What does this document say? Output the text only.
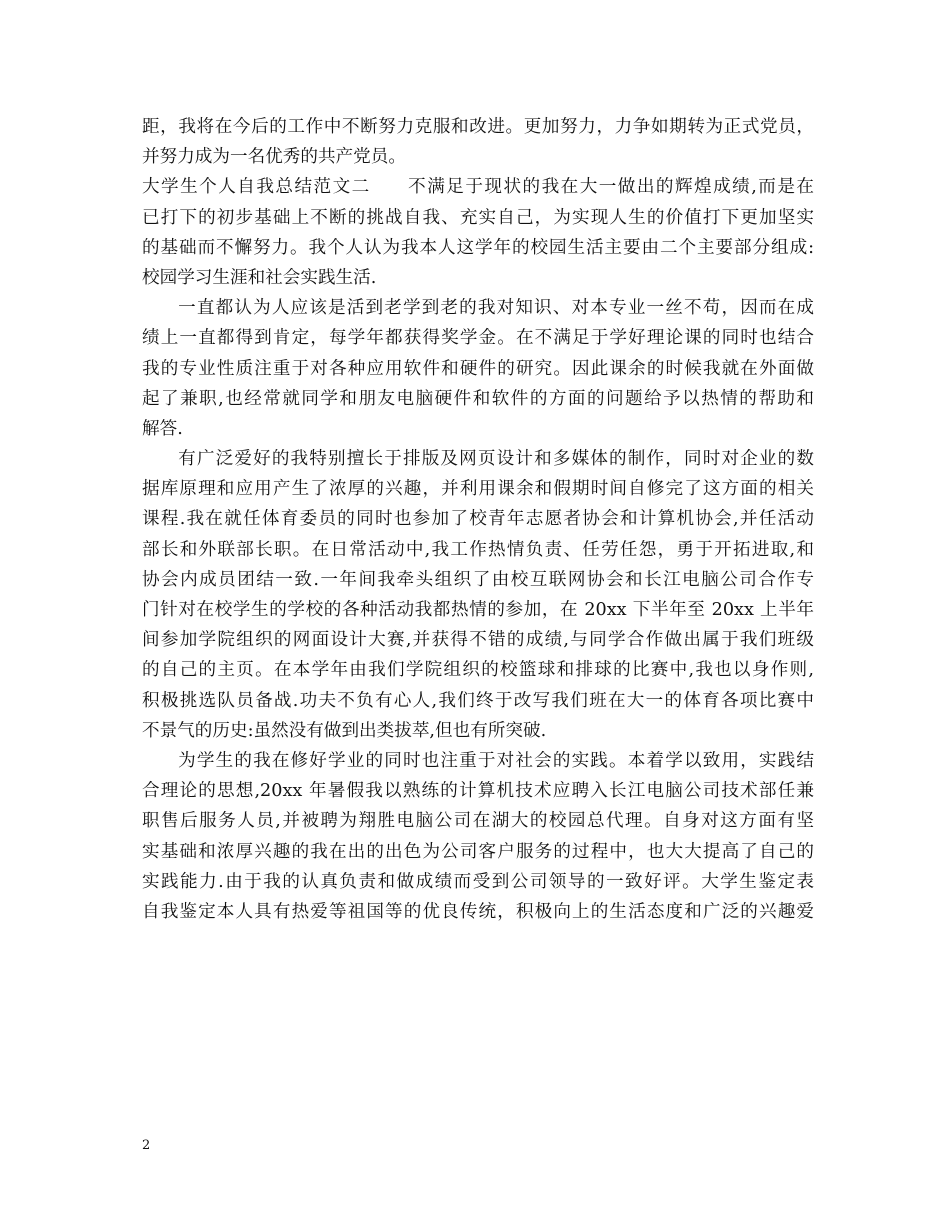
距，我将在今后的工作中不断努力克服和改进。更加努力，力争如期转为正式党员，
并努力成为一名优秀的共产党员。
大学生个人自我总结范文二 不满足于现状的我在大一做出的辉煌成绩,而是在
已打下的初步基础上不断的挑战自我、充实自己，为实现人生的价值打下更加坚实
的基础而不懈努力。我个人认为我本人这学年的校园生活主要由二个主要部分组成:
校园学习生涯和社会实践生活.
一直都认为人应该是活到老学到老的我对知识、对本专业一丝不苟，因而在成
绩上一直都得到肯定，每学年都获得奖学金。在不满足于学好理论课的同时也结合
我的专业性质注重于对各种应用软件和硬件的研究。因此课余的时候我就在外面做
起了兼职,也经常就同学和朋友电脑硬件和软件的方面的问题给予以热情的帮助和
解答.
有广泛爱好的我特别擅长于排版及网页设计和多媒体的制作，同时对企业的数
据库原理和应用产生了浓厚的兴趣，并利用课余和假期时间自修完了这方面的相关
课程.我在就任体育委员的同时也参加了校青年志愿者协会和计算机协会,并任活动
部长和外联部长职。在日常活动中,我工作热情负责、任劳任怨，勇于开拓进取,和
协会内成员团结一致.一年间我牵头组织了由校互联网协会和长江电脑公司合作专
门针对在校学生的学校的各种活动我都热情的参加，在 20xx 下半年至 20xx 上半年
间参加学院组织的网面设计大赛,并获得不错的成绩,与同学合作做出属于我们班级
的自己的主页。在本学年由我们学院组织的校篮球和排球的比赛中,我也以身作则,
积极挑选队员备战.功夫不负有心人,我们终于改写我们班在大一的体育各项比赛中
不景气的历史:虽然没有做到出类拔萃,但也有所突破.
为学生的我在修好学业的同时也注重于对社会的实践。本着学以致用，实践结
合理论的思想,20xx 年暑假我以熟练的计算机技术应聘入长江电脑公司技术部任兼
职售后服务人员,并被聘为翔胜电脑公司在湖大的校园总代理。自身对这方面有坚
实基础和浓厚兴趣的我在出的出色为公司客户服务的过程中，也大大提高了自己的
实践能力.由于我的认真负责和做成绩而受到公司领导的一致好评。大学生鉴定表
自我鉴定本人具有热爱等祖国等的优良传统，积极向上的生活态度和广泛的兴趣爱
2
